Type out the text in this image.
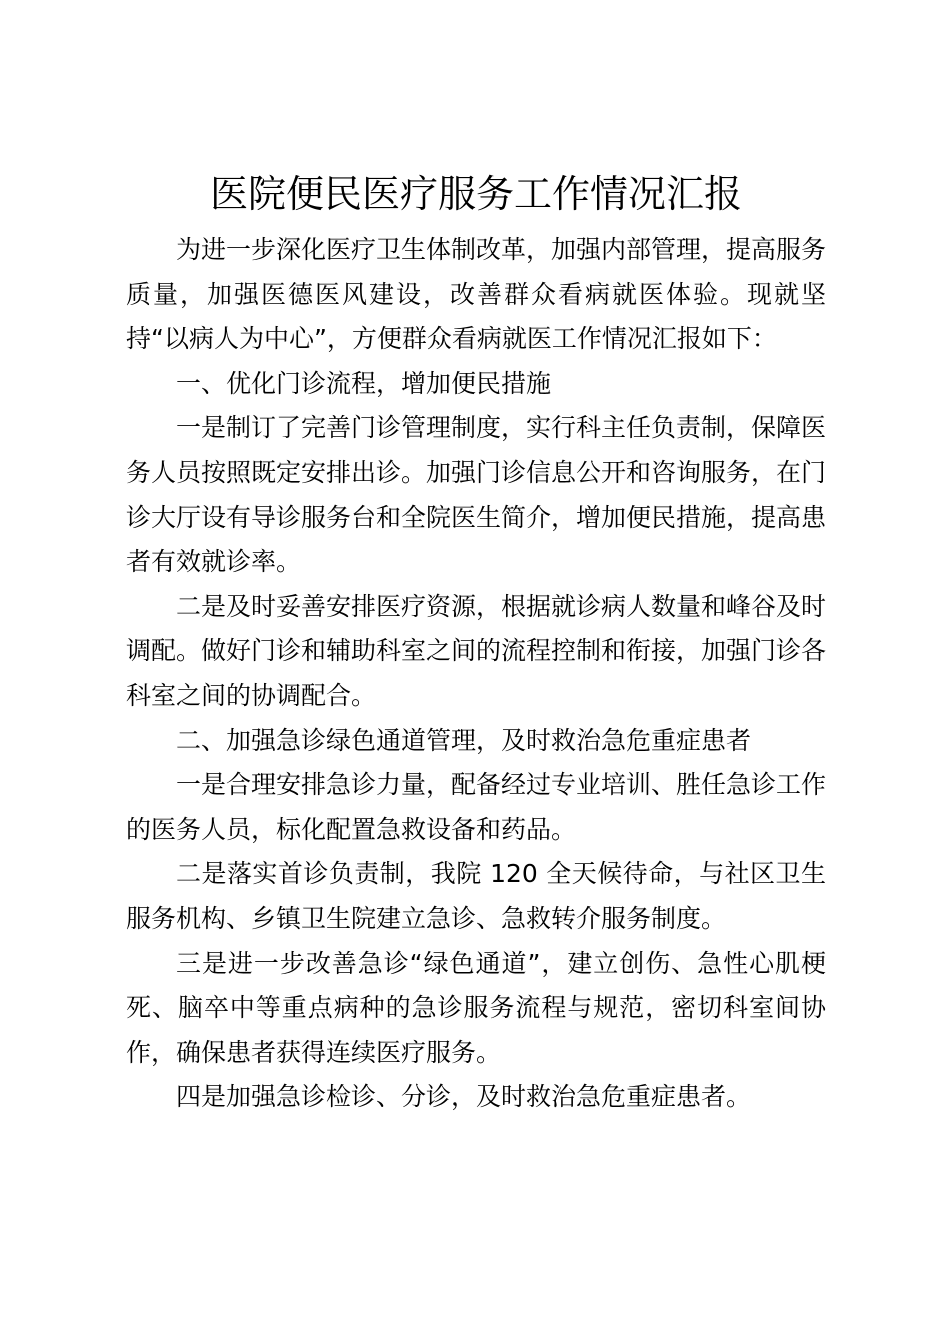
医院便民医疗服务工作情况汇报

为进一步深化医疗卫生体制改革，加强内部管理，提高服务质量，加强医德医风建设，改善群众看病就医体验。现就坚持“以病人为中心”，方便群众看病就医工作情况汇报如下：

一、优化门诊流程，增加便民措施

一是制订了完善门诊管理制度，实行科主任负责制，保障医务人员按照既定安排出诊。加强门诊信息公开和咨询服务，在门诊大厅设有导诊服务台和全院医生简介，增加便民措施，提高患者有效就诊率。

二是及时妥善安排医疗资源，根据就诊病人数量和峰谷及时调配。做好门诊和辅助科室之间的流程控制和衔接，加强门诊各科室之间的协调配合。

二、加强急诊绿色通道管理，及时救治急危重症患者

一是合理安排急诊力量，配备经过专业培训、胜任急诊工作的医务人员，标化配置急救设备和药品。

二是落实首诊负责制，我院 120 全天候待命，与社区卫生服务机构、乡镇卫生院建立急诊、急救转介服务制度。

三是进一步改善急诊“绿色通道”，建立创伤、急性心肌梗死、脑卒中等重点病种的急诊服务流程与规范，密切科室间协作，确保患者获得连续医疗服务。

四是加强急诊检诊、分诊，及时救治急危重症患者。
